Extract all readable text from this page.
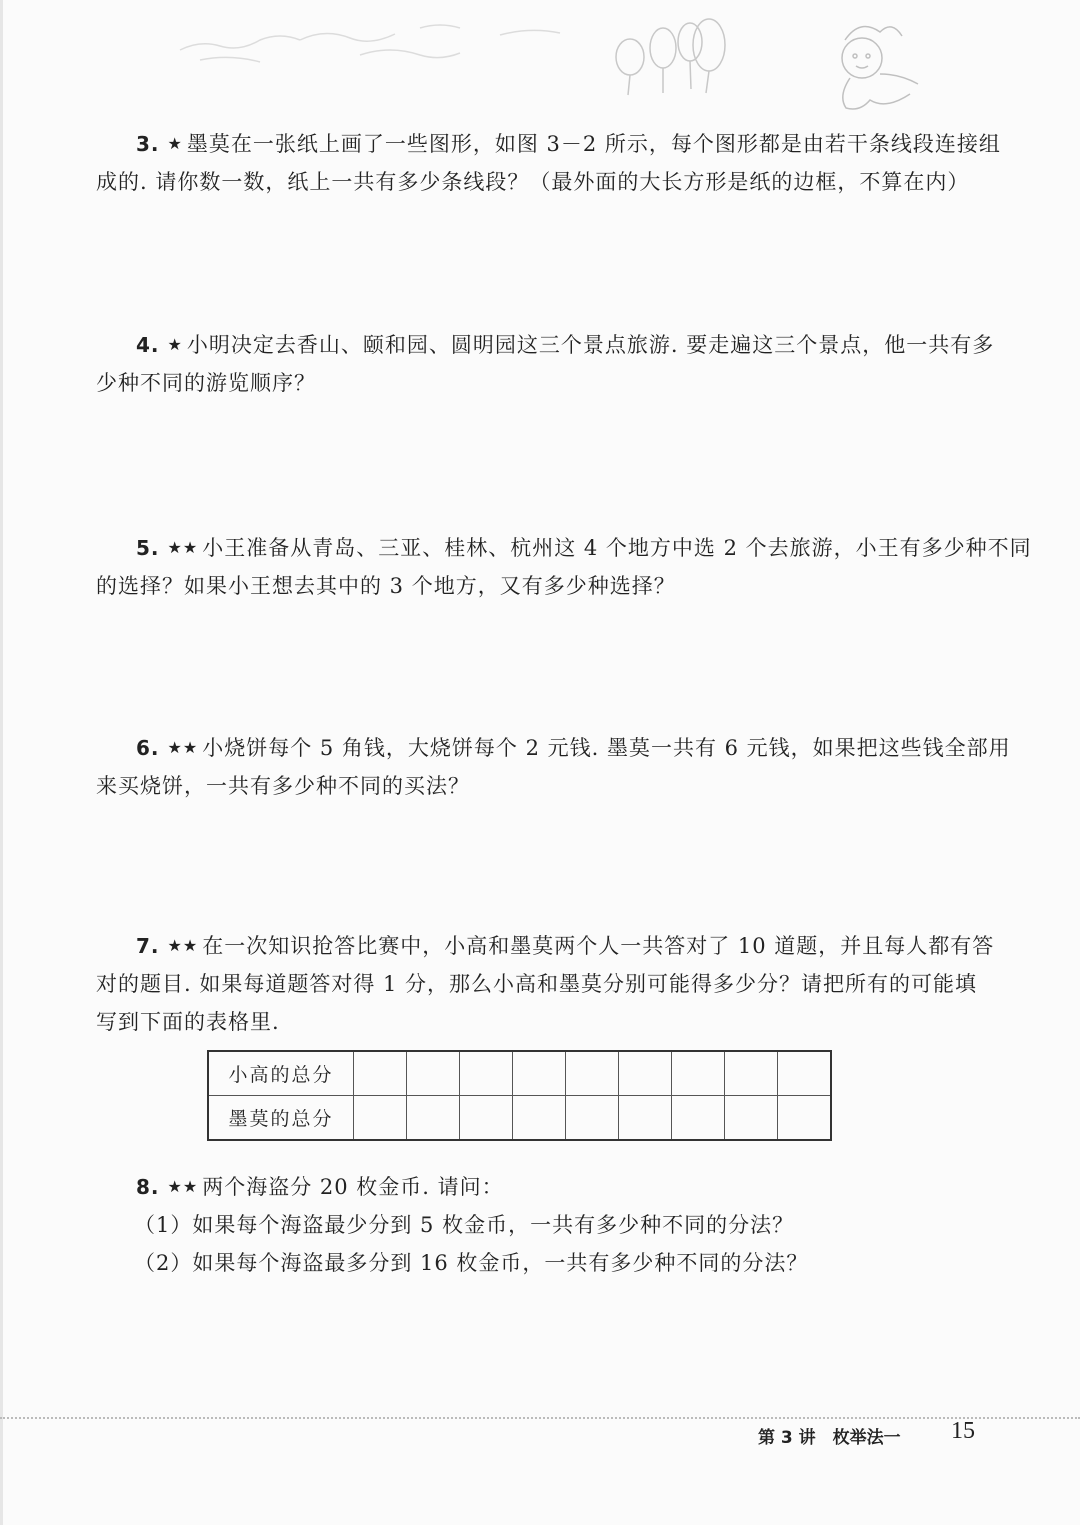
3. ★ 墨莫在一张纸上画了一些图形，如图 3－2 所示，每个图形都是由若干条线段连接组
成的. 请你数一数，纸上一共有多少条线段？（最外面的大长方形是纸的边框，不算在内）
4. ★ 小明决定去香山、颐和园、圆明园这三个景点旅游. 要走遍这三个景点，他一共有多
少种不同的游览顺序？
5. ★★ 小王准备从青岛、三亚、桂林、杭州这 4 个地方中选 2 个去旅游，小王有多少种不同
的选择？如果小王想去其中的 3 个地方，又有多少种选择？
6. ★★ 小烧饼每个 5 角钱，大烧饼每个 2 元钱. 墨莫一共有 6 元钱，如果把这些钱全部用
来买烧饼，一共有多少种不同的买法？
7. ★★ 在一次知识抢答比赛中，小高和墨莫两个人一共答对了 10 道题，并且每人都有答
对的题目. 如果每道题答对得 1 分，那么小高和墨莫分别可能得多少分？请把所有的可能填
写到下面的表格里.
小高的总分									
墨莫的总分									
8. ★★ 两个海盗分 20 枚金币. 请问：
（1）如果每个海盗最少分到 5 枚金币，一共有多少种不同的分法？
（2）如果每个海盗最多分到 16 枚金币，一共有多少种不同的分法？
第 3 讲　枚举法一 15
